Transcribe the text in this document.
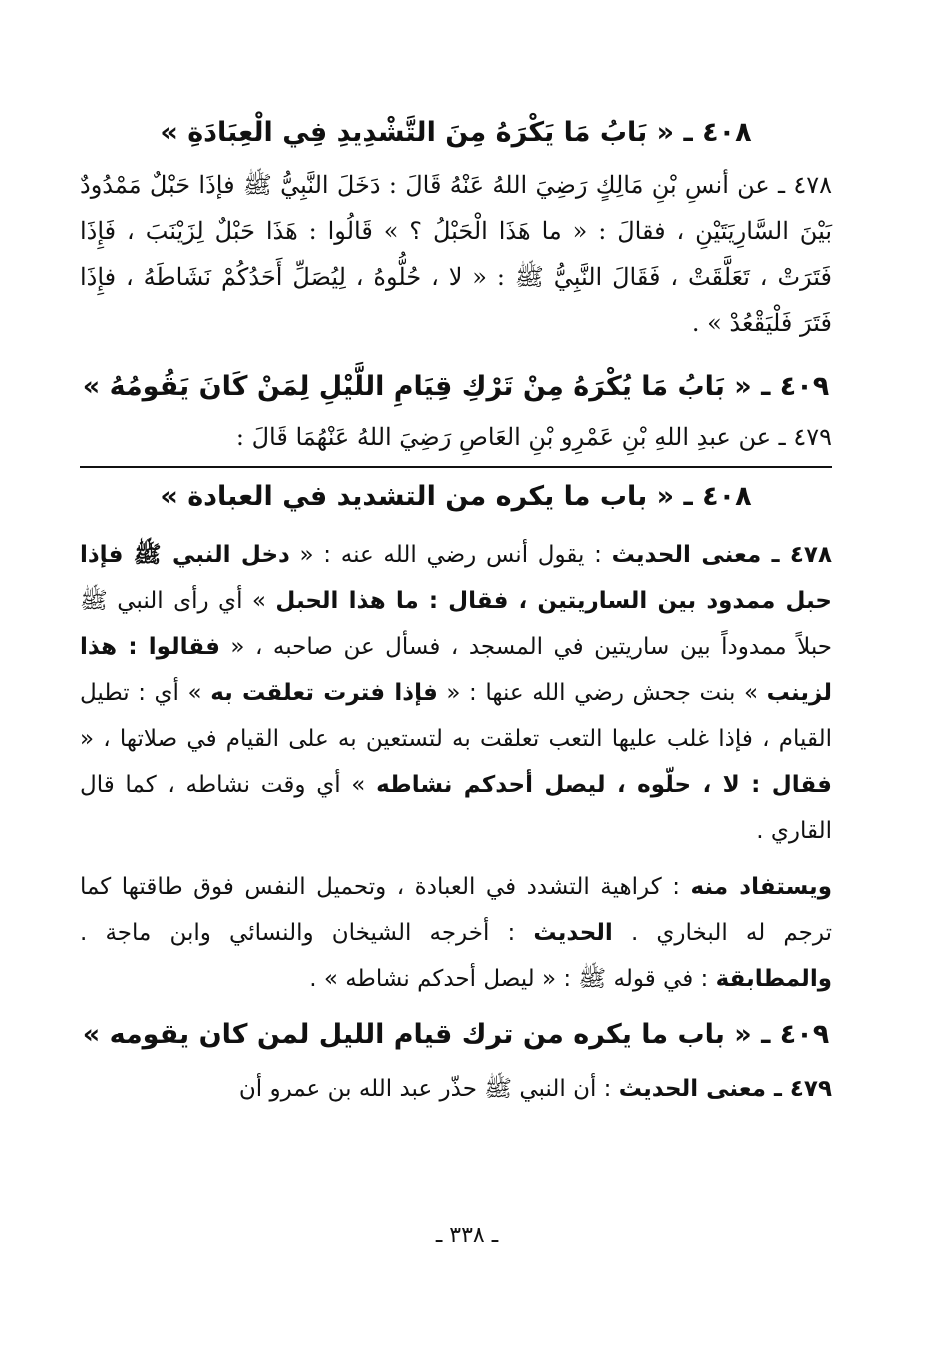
٤٠٨ ـ « بَابُ مَا يَكْرَهُ مِنَ التَّشْدِيدِ فِي الْعِبَادَةِ »

٤٧٨ ـ عن أنسِ بْنِ مَالِكٍ رَضِيَ اللهُ عَنْهُ قَالَ : دَخَلَ النَّبِيُّ ﷺ فإذَا حَبْلٌ مَمْدُودٌ بَيْنَ السَّارِيَتَيْنِ ، فقالَ : « ما هَذَا الْحَبْلُ ؟ » قَالُوا : هَذَا حَبْلٌ لِزَيْنَبَ ، فَإِذَا فَتَرَتْ ، تَعَلَّقَتْ ، فَقَالَ النَّبِيُّ ﷺ : « لا ، حُلُّوهُ ، لِيُصَلِّ أَحَدُكُمْ نَشَاطَهُ ، فإِذَا فَتَرَ فَلْيَقْعُدْ » .

٤٠٩ ـ « بَابُ مَا يُكْرَهُ مِنْ تَرْكِ قِيَامِ اللَّيْلِ لِمَنْ كَانَ يَقُومُهُ »

٤٧٩ ـ عن عبدِ اللهِ بْنِ عَمْرِو بْنِ العَاصِ رَضِيَ اللهُ عَنْهُمَا قَالَ :

٤٠٨ ـ « باب ما يكره من التشديد في العبادة »

٤٧٨ ـ معنى الحديث : يقول أنس رضي الله عنه : « دخل النبي ﷺ فإذا حبل ممدود بين الساريتين ، فقال : ما هذا الحبل » أي رأى النبي ﷺ حبلاً ممدوداً بين ساريتين في المسجد ، فسأل عن صاحبه ، « فقالوا : هذا لزينب » بنت جحش رضي الله عنها : « فإذا فترت تعلقت به » أي : تطيل القيام ، فإذا غلب عليها التعب تعلقت به لتستعين به على القيام في صلاتها ، « فقال : لا ، حلّوه ، ليصل أحدكم نشاطه » أي وقت نشاطه ، كما قال القاري .

ويستفاد منه : كراهية التشدد في العبادة ، وتحميل النفس فوق طاقتها كما ترجم له البخاري . الحديث : أخرجه الشيخان والنسائي وابن ماجة . والمطابقة : في قوله ﷺ : « ليصل أحدكم نشاطه » .

٤٠٩ ـ « باب ما يكره من ترك قيام الليل لمن كان يقومه »

٤٧٩ ـ معنى الحديث : أن النبي ﷺ حذّر عبد الله بن عمرو أن

ـ ٣٣٨ ـ
